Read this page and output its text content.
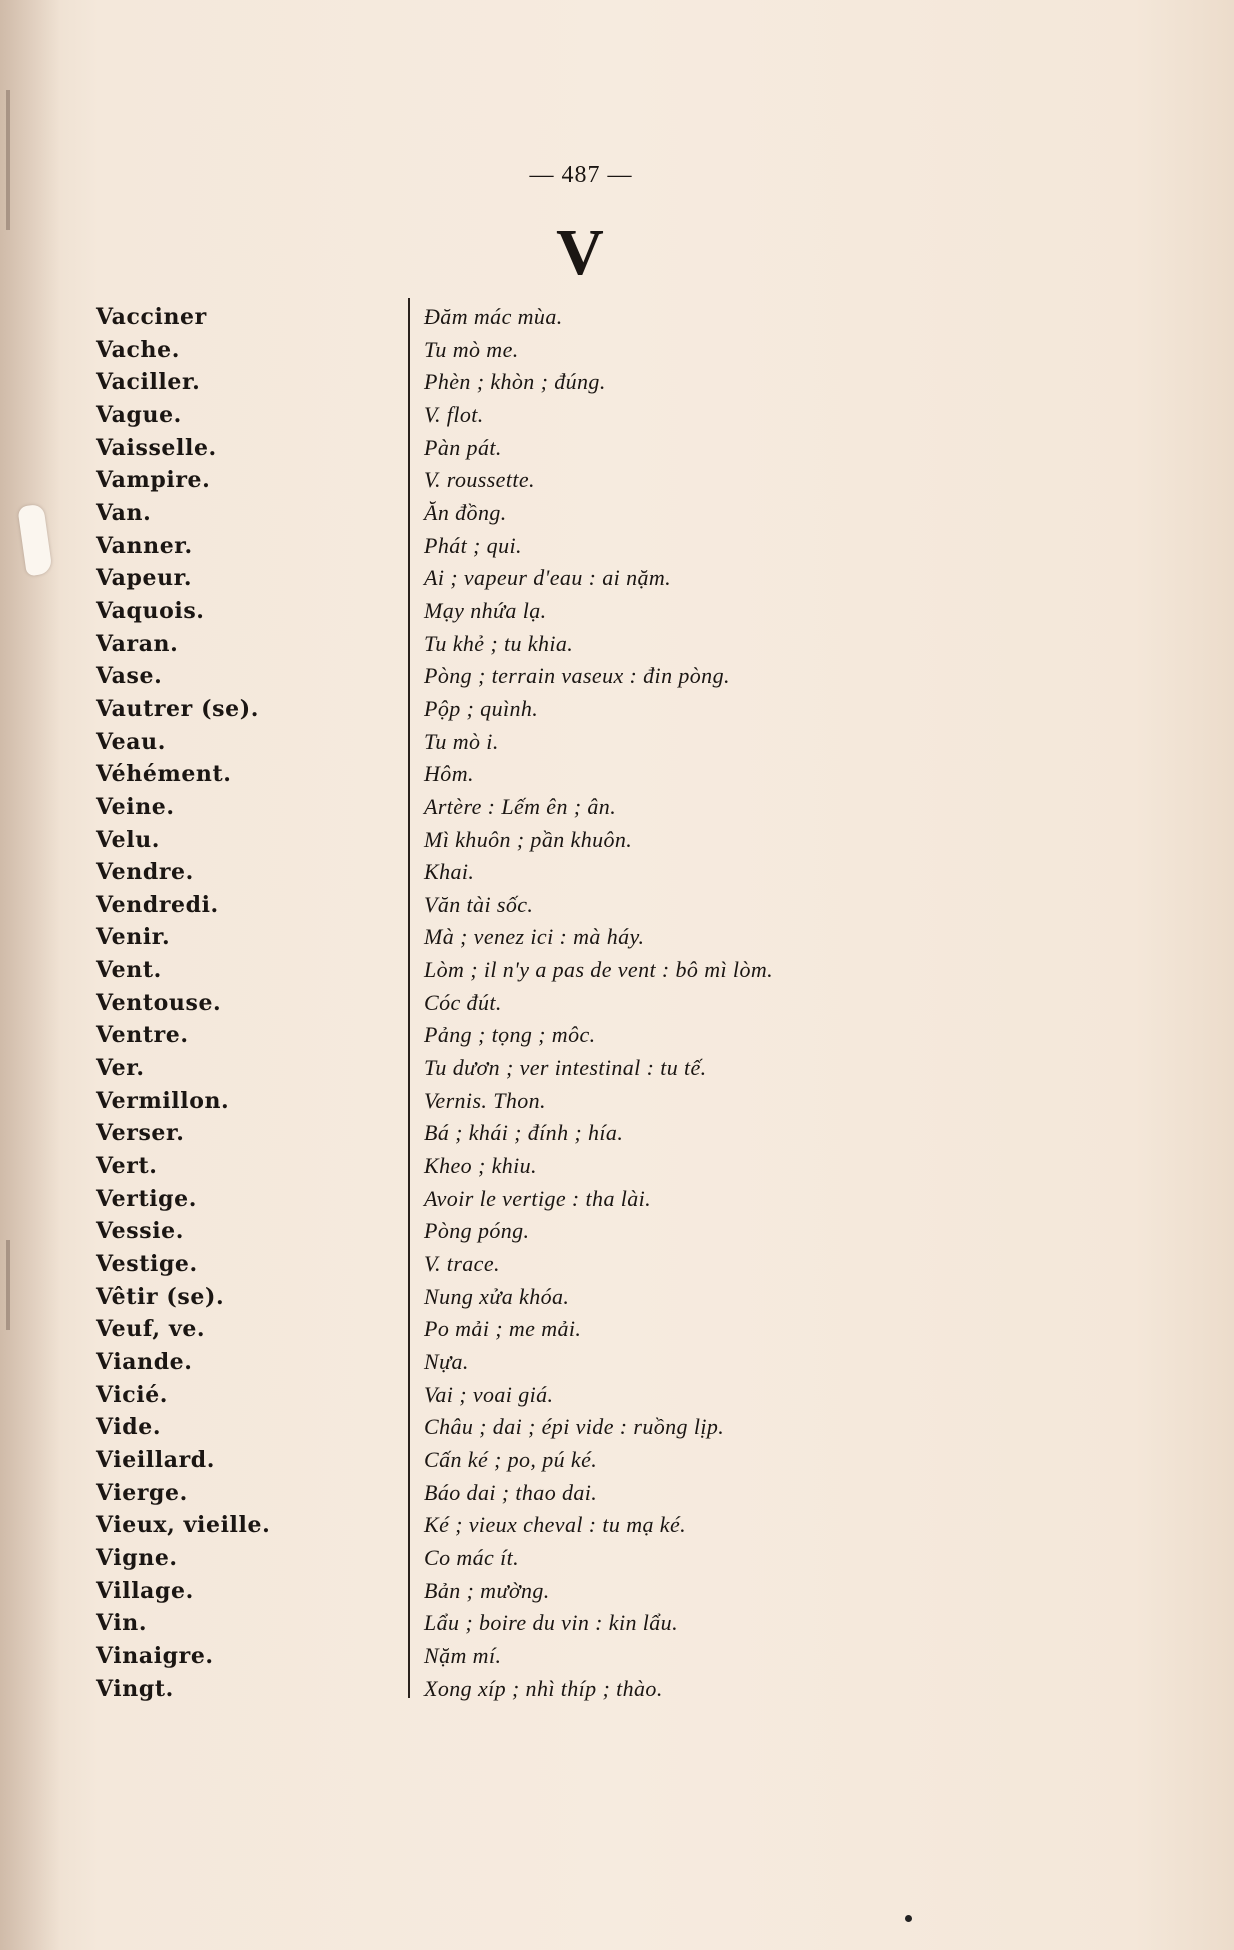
— 487 —
V
Vacciner
Vache.
Vaciller.
Vague.
Vaisselle.
Vampire.
Van.
Vanner.
Vapeur.
Vaquois.
Varan.
Vase.
Vautrer (se).
Veau.
Véhément.
Veine.
Velu.
Vendre.
Vendredi.
Venir.
Vent.
Ventouse.
Ventre.
Ver.
Vermillon.
Verser.
Vert.
Vertige.
Vessie.
Vestige.
Vêtir (se).
Veuf, ve.
Viande.
Vicié.
Vide.
Vieillard.
Vierge.
Vieux, vieille.
Vigne.
Village.
Vin.
Vinaigre.
Vingt.
Đăm mác mùa.
Tu mò me.
Phèn ; khòn ; đúng.
V. flot.
Pàn pát.
V. roussette.
Ăn đồng.
Phát ; qui.
Ai ; vapeur d'eau : ai nặm.
Mạy nhứa lạ.
Tu khẻ ; tu khia.
Pòng ; terrain vaseux : đin pòng.
Pộp ; quình.
Tu mò i.
Hôm.
Artère : Lếm ên ; ân.
Mì khuôn ; pần khuôn.
Khai.
Văn tài sốc.
Mà ; venez ici : mà háy.
Lòm ; il n'y a pas de vent : bô mì lòm.
Cóc đút.
Pảng ; tọng ; môc.
Tu dươn ; ver intestinal : tu tế.
Vernis. Thon.
Bá ; khái ; đính ; hía.
Kheo ; khiu.
Avoir le vertige : tha lài.
Pòng póng.
V. trace.
Nung xửa khóa.
Po mải ; me mải.
Nựa.
Vai ; voai giá.
Châu ; dai ; épi vide : ruồng lịp.
Cấn ké ; po, pú ké.
Báo dai ; thao dai.
Ké ; vieux cheval : tu mạ ké.
Co mác ít.
Bản ; mường.
Lẩu ; boire du vin : kin lẩu.
Nặm mí.
Xong xíp ; nhì thíp ; thào.
